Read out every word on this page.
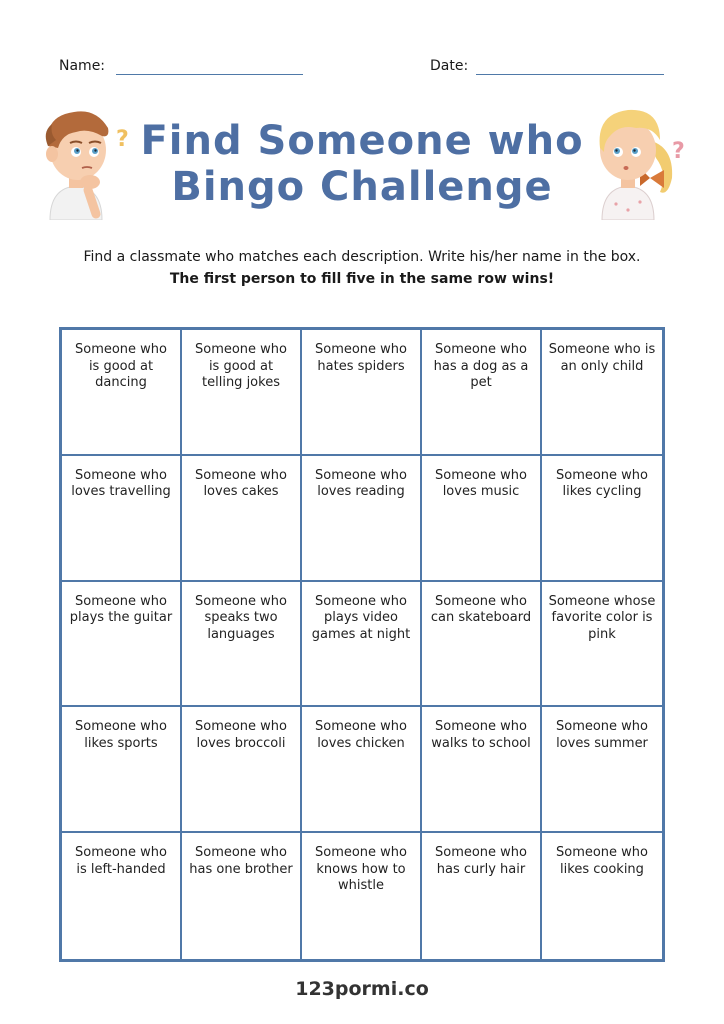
Name:	Date:
? Find Someone who
Bingo Challenge
?
Find a classmate who matches each description. Write his/her name in the box.
The first person to fill five in the same row wins!
Someone who is good at dancing
Someone who is good at telling jokes
Someone who hates spiders
Someone who has a dog as a pet
Someone who is an only child
Someone who loves travelling
Someone who loves cakes
Someone who loves reading
Someone who loves music
Someone who likes cycling
Someone who plays the guitar
Someone who speaks two languages
Someone who plays video games at night
Someone who can skateboard
Someone whose favorite color is pink
Someone who likes sports
Someone who loves broccoli
Someone who loves chicken
Someone who walks to school
Someone who loves summer
Someone who is left-handed
Someone who has one brother
Someone who knows how to whistle
Someone who has curly hair
Someone who likes cooking
123pormi.co
